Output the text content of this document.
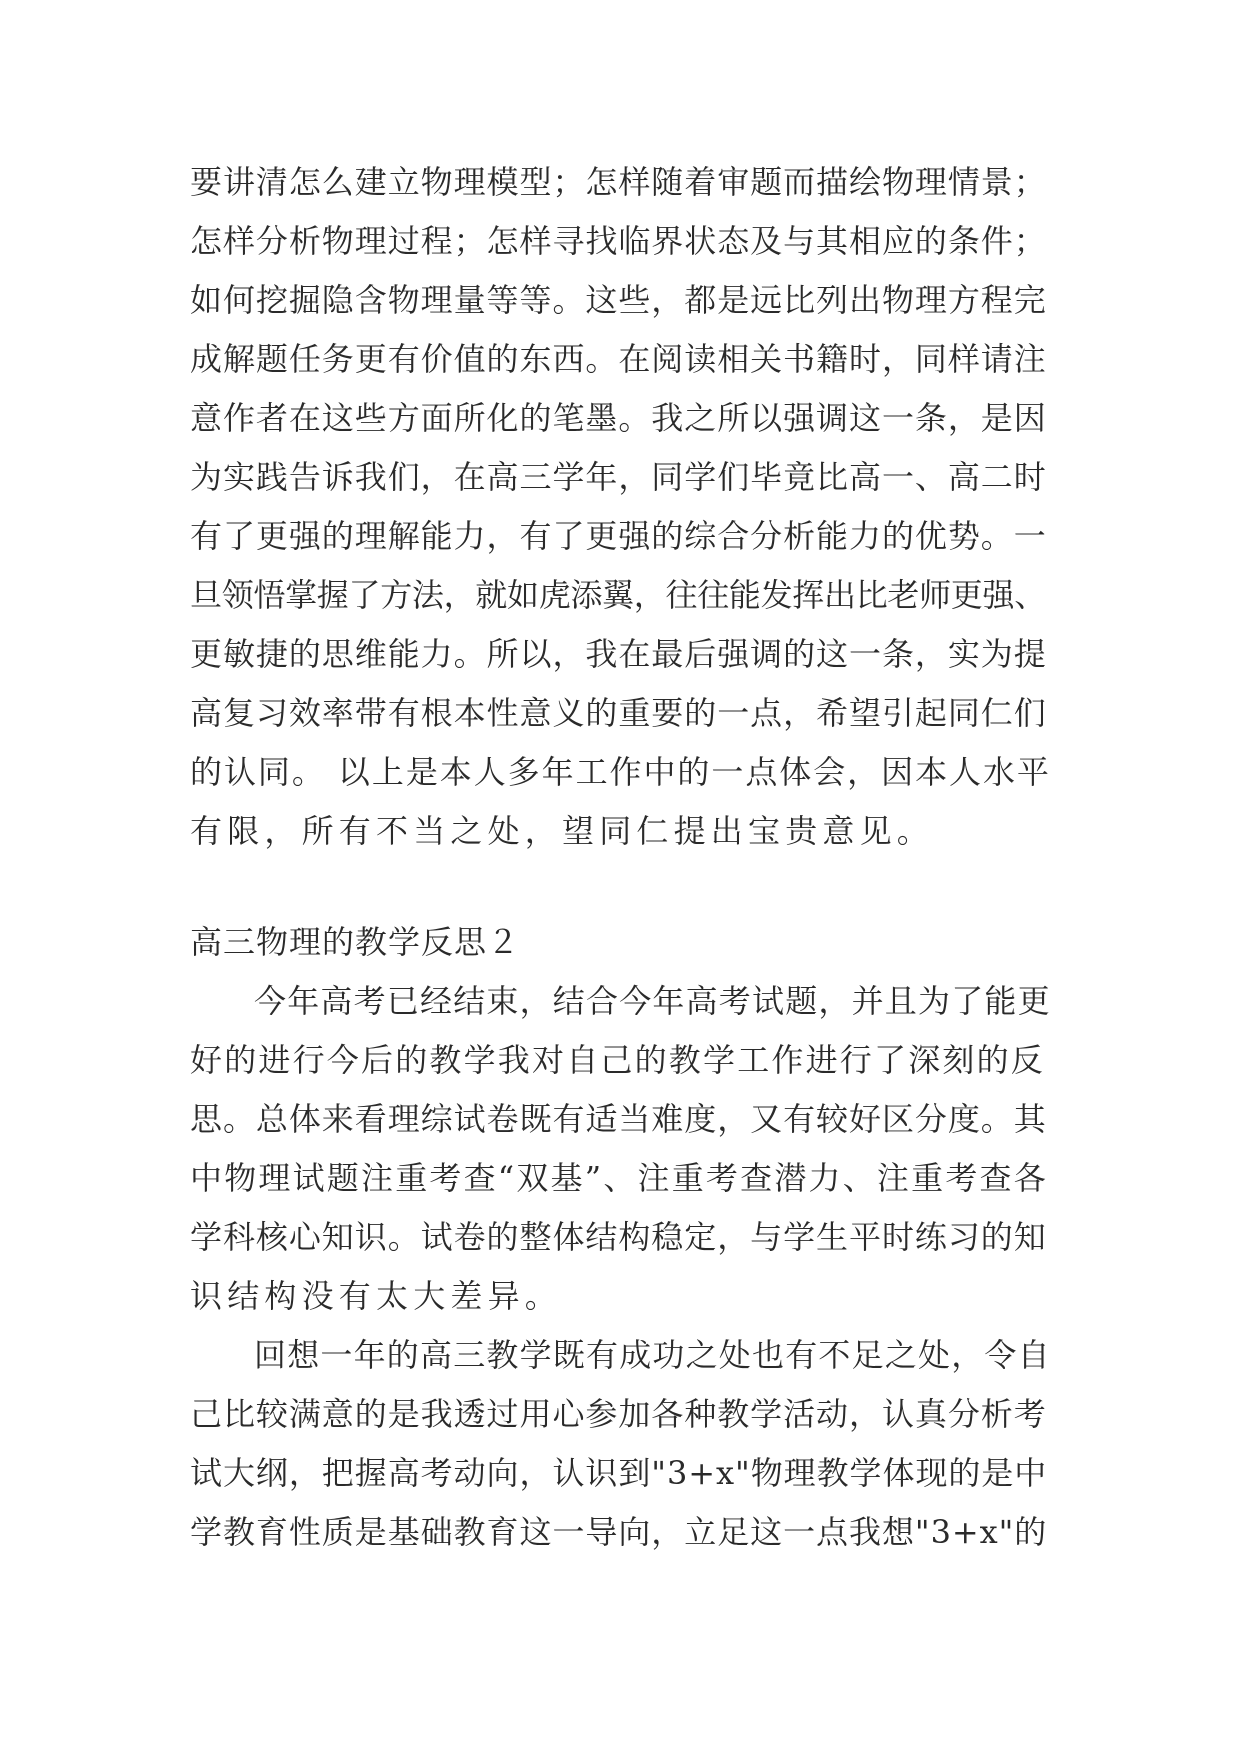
要讲清怎么建立物理模型；怎样随着审题而描绘物理情景；
怎样分析物理过程；怎样寻找临界状态及与其相应的条件；
如何挖掘隐含物理量等等。这些，都是远比列出物理方程完
成解题任务更有价值的东西。在阅读相关书籍时，同样请注
意作者在这些方面所化的笔墨。我之所以强调这一条，是因
为实践告诉我们，在高三学年，同学们毕竟比高一、高二时
有了更强的理解能力，有了更强的综合分析能力的优势。一
旦领悟掌握了方法，就如虎添翼，往往能发挥出比老师更强、
更敏捷的思维能力。所以，我在最后强调的这一条，实为提
高复习效率带有根本性意义的重要的一点，希望引起同仁们
的认同。 以上是本人多年工作中的一点体会，因本人水平
有限，所有不当之处，望同仁提出宝贵意见。
高三物理的教学反思２
今年高考已经结束，结合今年高考试题，并且为了能更
好的进行今后的教学我对自己的教学工作进行了深刻的反
思。总体来看理综试卷既有适当难度，又有较好区分度。其
中物理试题注重考查“双基”、注重考查潜力、注重考查各
学科核心知识。试卷的整体结构稳定，与学生平时练习的知
识结构没有太大差异。
回想一年的高三教学既有成功之处也有不足之处，令自
己比较满意的是我透过用心参加各种教学活动，认真分析考
试大纲，把握高考动向，认识到"3+x"物理教学体现的是中
学教育性质是基础教育这一导向，立足这一点我想"3+x"的
